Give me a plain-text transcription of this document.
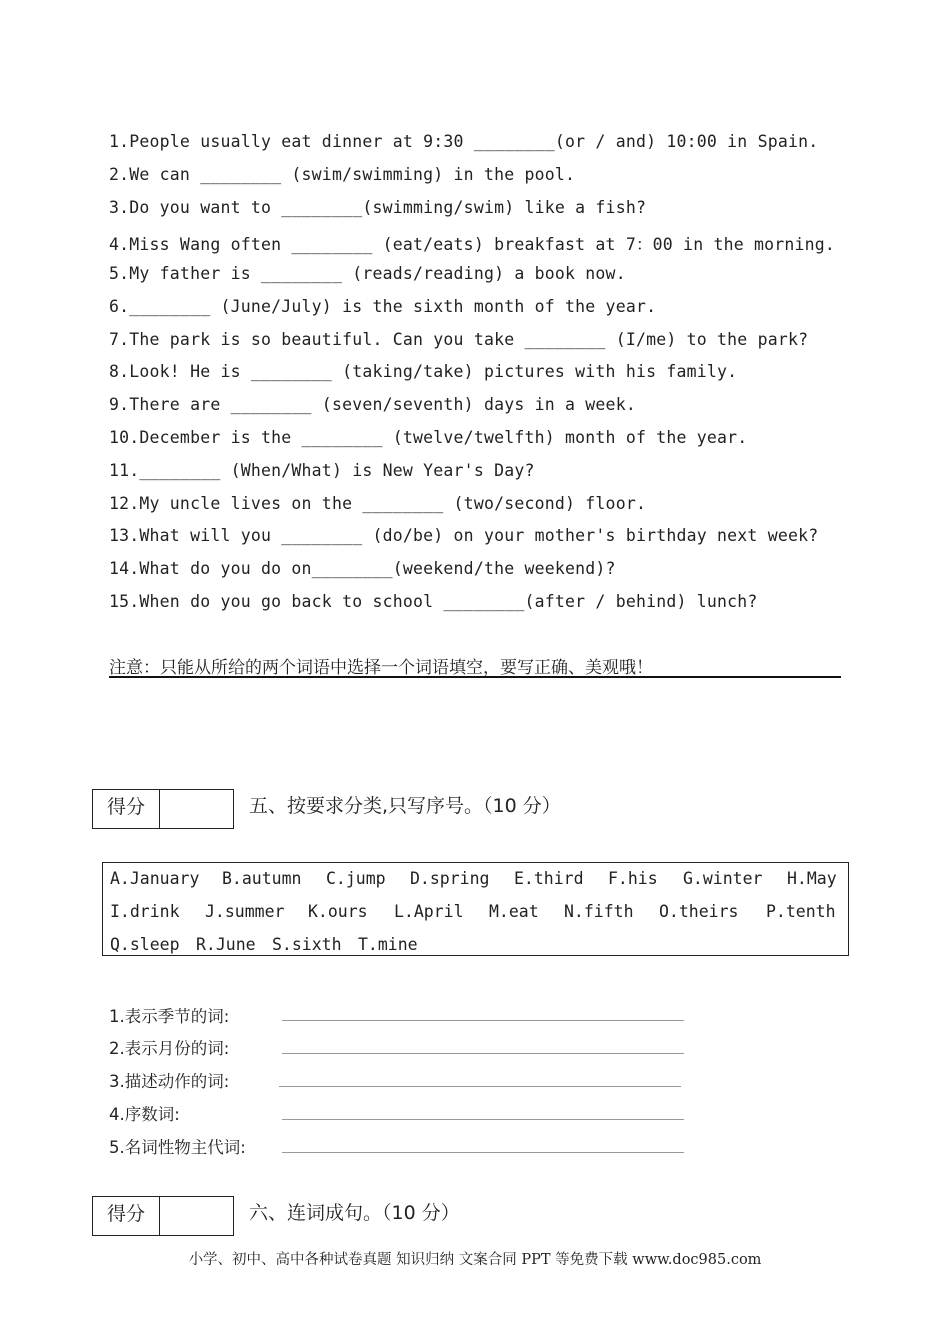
1.People usually eat dinner at 9:30 ________(or / and) 10:00 in Spain.
2.We can ________ (swim/swimming) in the pool.
3.Do you want to ________(swimming/swim) like a fish?
4.Miss Wang often ________ (eat/eats) breakfast at 7：00 in the morning.
5.My father is ________ (reads/reading) a book now.
6.________ (June/July) is the sixth month of the year.
7.The park is so beautiful. Can you take ________ (I/me) to the park?
8.Look! He is ________ (taking/take) pictures with his family.
9.There are ________ (seven/seventh) days in a week.
10.December is the ________ (twelve/twelfth) month of the year.
11.________ (When/What) is New Year's Day?
12.My uncle lives on the ________ (two/second) floor.
13.What will you ________ (do/be) on your mother's birthday next week?
14.What do you do on________(weekend/the weekend)?
15.When do you go back to school ________(after / behind) lunch?
注意：只能从所给的两个词语中选择一个词语填空，要写正确、美观哦！
得分	五、按要求分类,只写序号。（10 分）
A.January B.autumn C.jump D.spring E.third F.his G.winter H.May
I.drink J.summer K.ours L.April M.eat N.fifth O.theirs P.tenth
Q.sleep R.June S.sixth T.mine
1.表示季节的词:
2.表示月份的词:
3.描述动作的词:
4.序数词:
5.名词性物主代词:
得分	六、连词成句。（10 分）
小学、初中、高中各种试卷真题 知识归纳 文案合同 PPT 等免费下载 www.doc985.com
